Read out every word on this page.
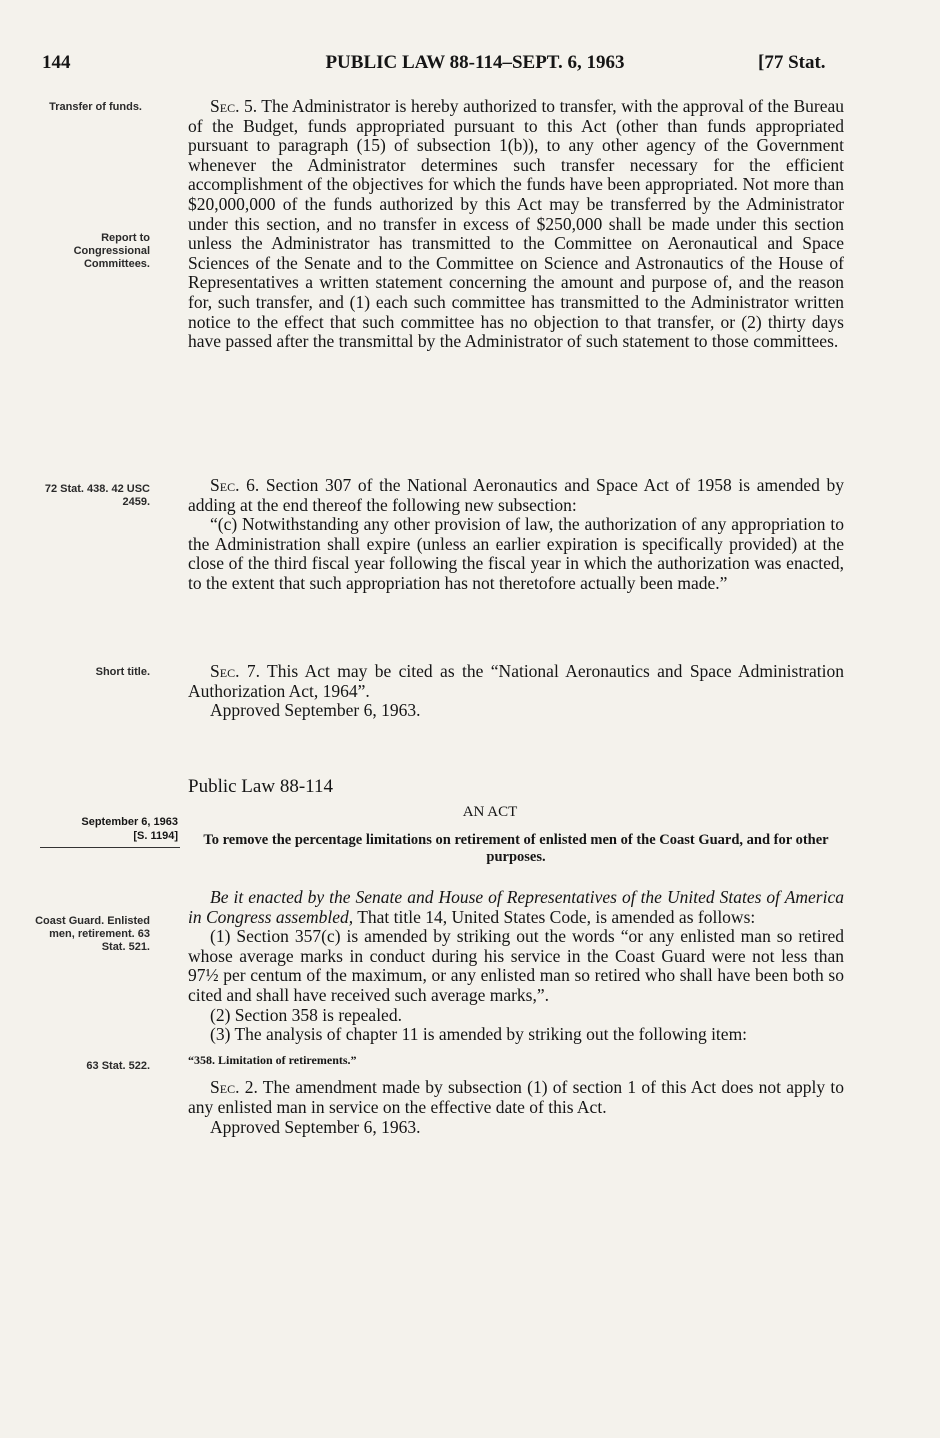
144	PUBLIC LAW 88-114–SEPT. 6, 1963	[77 Stat.
Transfer of funds.
Report to Congressional Committees.
72 Stat. 438. 42 USC 2459.
Short title.
Coast Guard. Enlisted men, retirement. 63 Stat. 521.
63 Stat. 522.

Sec. 5. The Administrator is hereby authorized to transfer, with the approval of the Bureau of the Budget, funds appropriated pursuant to this Act (other than funds appropriated pursuant to paragraph (15) of subsection 1(b)), to any other agency of the Government whenever the Administrator determines such transfer necessary for the efficient accomplishment of the objectives for which the funds have been appropriated. Not more than $20,000,000 of the funds authorized by this Act may be transferred by the Administrator under this section, and no transfer in excess of $250,000 shall be made under this section unless the Administrator has transmitted to the Committee on Aeronautical and Space Sciences of the Senate and to the Committee on Science and Astronautics of the House of Representatives a written statement concerning the amount and purpose of, and the reason for, such transfer, and (1) each such committee has transmitted to the Administrator written notice to the effect that such committee has no objection to that transfer, or (2) thirty days have passed after the transmittal by the Administrator of such statement to those committees.

Sec. 6. Section 307 of the National Aeronautics and Space Act of 1958 is amended by adding at the end thereof the following new subsection:

“(c) Notwithstanding any other provision of law, the authorization of any appropriation to the Administration shall expire (unless an earlier expiration is specifically provided) at the close of the third fiscal year following the fiscal year in which the authorization was enacted, to the extent that such appropriation has not theretofore actually been made.”

Sec. 7. This Act may be cited as the “National Aeronautics and Space Administration Authorization Act, 1964”.

Approved September 6, 1963.

Public Law 88-114
AN ACT
September 6, 1963
[S. 1194]	To remove the percentage limitations on retirement of enlisted men of the Coast Guard, and for other purposes.

Be it enacted by the Senate and House of Representatives of the United States of America in Congress assembled, That title 14, United States Code, is amended as follows:

(1) Section 357(c) is amended by striking out the words “or any enlisted man so retired whose average marks in conduct during his service in the Coast Guard were not less than 97½ per centum of the maximum, or any enlisted man so retired who shall have been both so cited and shall have received such average marks,”.

(2) Section 358 is repealed.

(3) The analysis of chapter 11 is amended by striking out the following item:

“358. Limitation of retirements.”

Sec. 2. The amendment made by subsection (1) of section 1 of this Act does not apply to any enlisted man in service on the effective date of this Act.

Approved September 6, 1963.
